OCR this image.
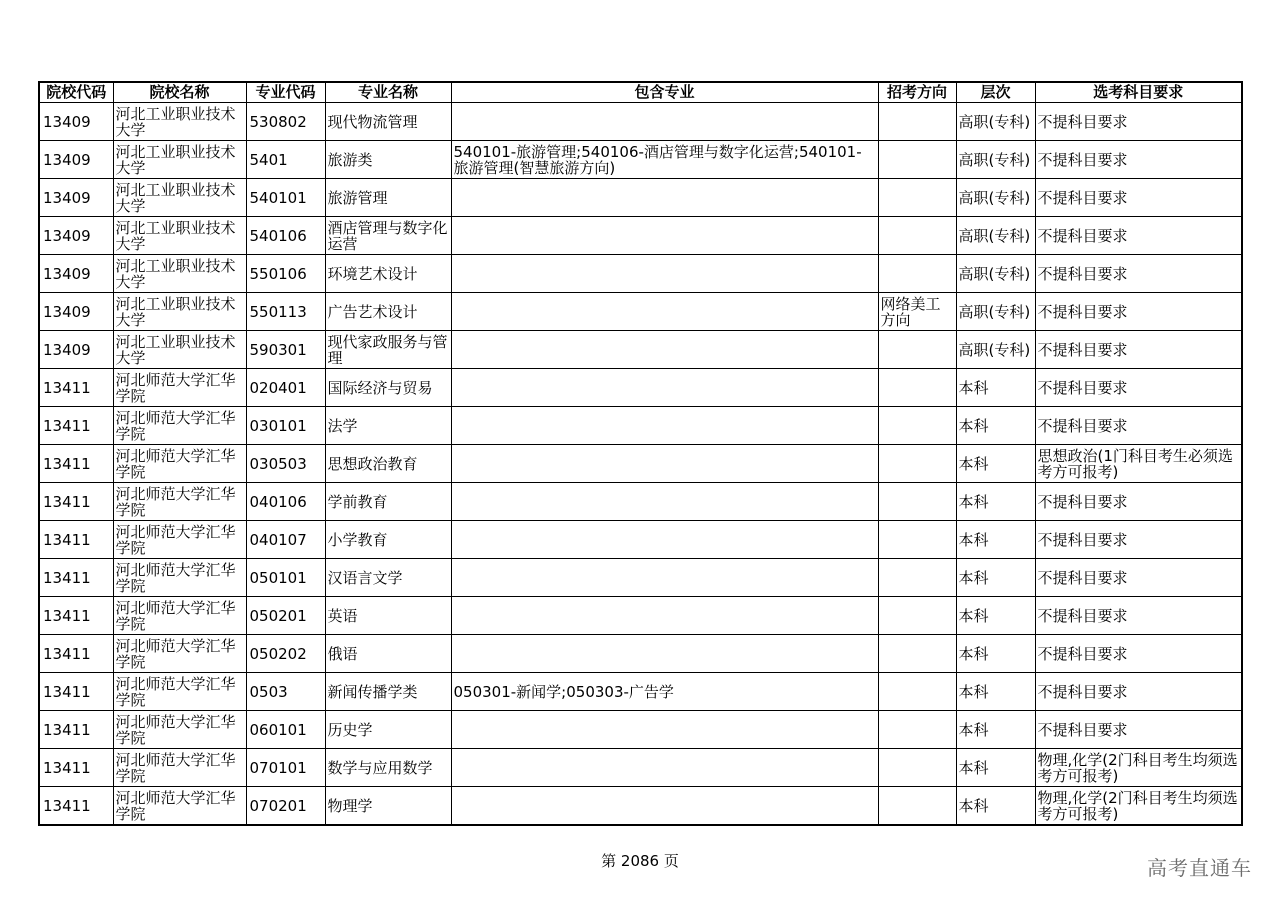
院校代码	院校名称	专业代码	专业名称	包含专业	招考方向	层次	选考科目要求
13409	河北工业职业技术大学	530802	现代物流管理			高职(专科)	不提科目要求
13409	河北工业职业技术大学	5401	旅游类	540101-旅游管理;540106-酒店管理与数字化运营;540101-旅游管理(智慧旅游方向)		高职(专科)	不提科目要求
13409	河北工业职业技术大学	540101	旅游管理			高职(专科)	不提科目要求
13409	河北工业职业技术大学	540106	酒店管理与数字化运营			高职(专科)	不提科目要求
13409	河北工业职业技术大学	550106	环境艺术设计			高职(专科)	不提科目要求
13409	河北工业职业技术大学	550113	广告艺术设计		网络美工方向	高职(专科)	不提科目要求
13409	河北工业职业技术大学	590301	现代家政服务与管理			高职(专科)	不提科目要求
13411	河北师范大学汇华学院	020401	国际经济与贸易			本科	不提科目要求
13411	河北师范大学汇华学院	030101	法学			本科	不提科目要求
13411	河北师范大学汇华学院	030503	思想政治教育			本科	思想政治(1门科目考生必须选考方可报考)
13411	河北师范大学汇华学院	040106	学前教育			本科	不提科目要求
13411	河北师范大学汇华学院	040107	小学教育			本科	不提科目要求
13411	河北师范大学汇华学院	050101	汉语言文学			本科	不提科目要求
13411	河北师范大学汇华学院	050201	英语			本科	不提科目要求
13411	河北师范大学汇华学院	050202	俄语			本科	不提科目要求
13411	河北师范大学汇华学院	0503	新闻传播学类	050301-新闻学;050303-广告学		本科	不提科目要求
13411	河北师范大学汇华学院	060101	历史学			本科	不提科目要求
13411	河北师范大学汇华学院	070101	数学与应用数学			本科	物理,化学(2门科目考生均须选考方可报考)
13411	河北师范大学汇华学院	070201	物理学			本科	物理,化学(2门科目考生均须选考方可报考)
第 2086 页	高考直通车
